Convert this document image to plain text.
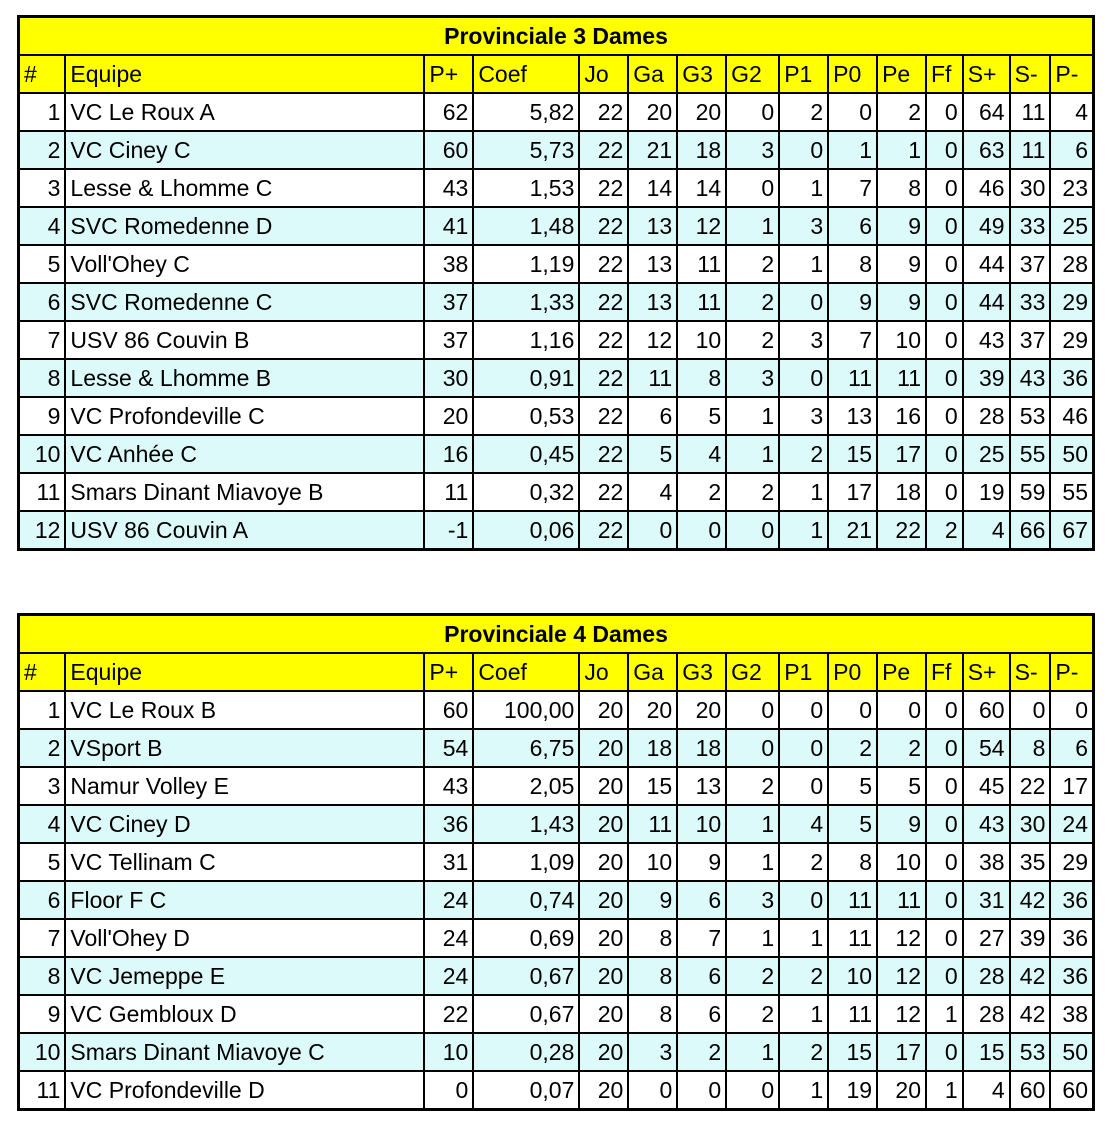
Provinciale 3 Dames														
#	Equipe	P+	Coef	Jo	Ga	G3	G2	P1	P0	Pe	Ff	S+	S-	P-
1	VC Le Roux A	62	5,82	22	20	20	0	2	0	2	0	64	11	4
2	VC Ciney C	60	5,73	22	21	18	3	0	1	1	0	63	11	6
3	Lesse & Lhomme C	43	1,53	22	14	14	0	1	7	8	0	46	30	23
4	SVC Romedenne D	41	1,48	22	13	12	1	3	6	9	0	49	33	25
5	Voll'Ohey C	38	1,19	22	13	11	2	1	8	9	0	44	37	28
6	SVC Romedenne C	37	1,33	22	13	11	2	0	9	9	0	44	33	29
7	USV 86 Couvin B	37	1,16	22	12	10	2	3	7	10	0	43	37	29
8	Lesse & Lhomme B	30	0,91	22	11	8	3	0	11	11	0	39	43	36
9	VC Profondeville C	20	0,53	22	6	5	1	3	13	16	0	28	53	46
10	VC Anhée C	16	0,45	22	5	4	1	2	15	17	0	25	55	50
11	Smars Dinant Miavoye B	11	0,32	22	4	2	2	1	17	18	0	19	59	55
12	USV 86 Couvin A	-1	0,06	22	0	0	0	1	21	22	2	4	66	67
Provinciale 4 Dames														
#	Equipe	P+	Coef	Jo	Ga	G3	G2	P1	P0	Pe	Ff	S+	S-	P-
1	VC Le Roux B	60	100,00	20	20	20	0	0	0	0	0	60	0	0
2	VSport B	54	6,75	20	18	18	0	0	2	2	0	54	8	6
3	Namur Volley E	43	2,05	20	15	13	2	0	5	5	0	45	22	17
4	VC Ciney D	36	1,43	20	11	10	1	4	5	9	0	43	30	24
5	VC Tellinam C	31	1,09	20	10	9	1	2	8	10	0	38	35	29
6	Floor F C	24	0,74	20	9	6	3	0	11	11	0	31	42	36
7	Voll'Ohey D	24	0,69	20	8	7	1	1	11	12	0	27	39	36
8	VC Jemeppe E	24	0,67	20	8	6	2	2	10	12	0	28	42	36
9	VC Gembloux D	22	0,67	20	8	6	2	1	11	12	1	28	42	38
10	Smars Dinant Miavoye C	10	0,28	20	3	2	1	2	15	17	0	15	53	50
11	VC Profondeville D	0	0,07	20	0	0	0	1	19	20	1	4	60	60
